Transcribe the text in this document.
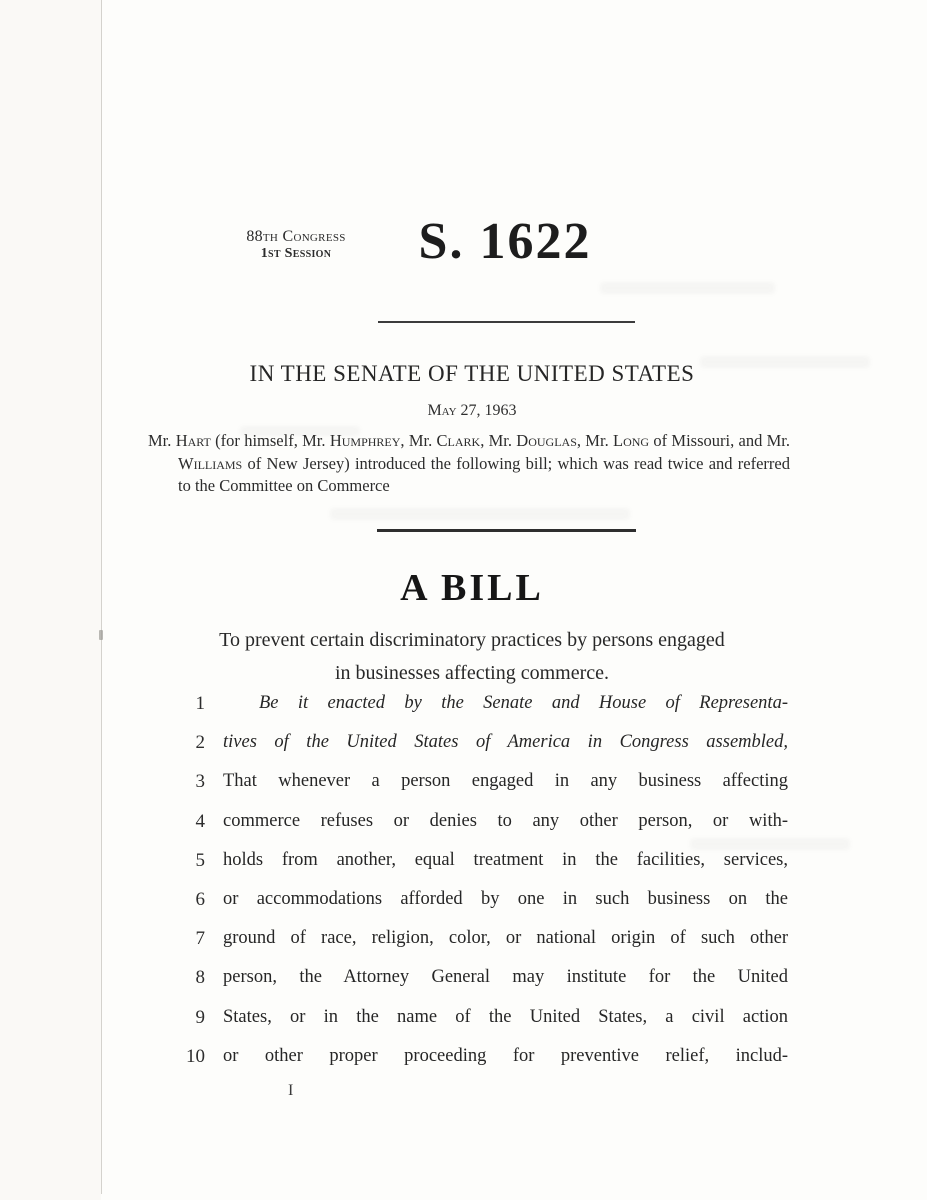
88th Congress
1st Session	S. 1622
IN THE SENATE OF THE UNITED STATES
May 27, 1963
Mr. Hart (for himself, Mr. Humphrey, Mr. Clark, Mr. Douglas, Mr. Long of Missouri, and Mr. Williams of New Jersey) introduced the following bill; which was read twice and referred to the Committee on Commerce
A BILL
To prevent certain discriminatory practices by persons engaged
in businesses affecting commerce.
1	Be it enacted by the Senate and House of Representa-
2 tives of the United States of America in Congress assembled,
3 That whenever a person engaged in any business affecting
4 commerce refuses or denies to any other person, or with-
5 holds from another, equal treatment in the facilities, services,
6 or accommodations afforded by one in such business on the
7 ground of race, religion, color, or national origin of such other
8 person, the Attorney General may institute for the United
9 States, or in the name of the United States, a civil action
10 or other proper proceeding for preventive relief, includ-
I
